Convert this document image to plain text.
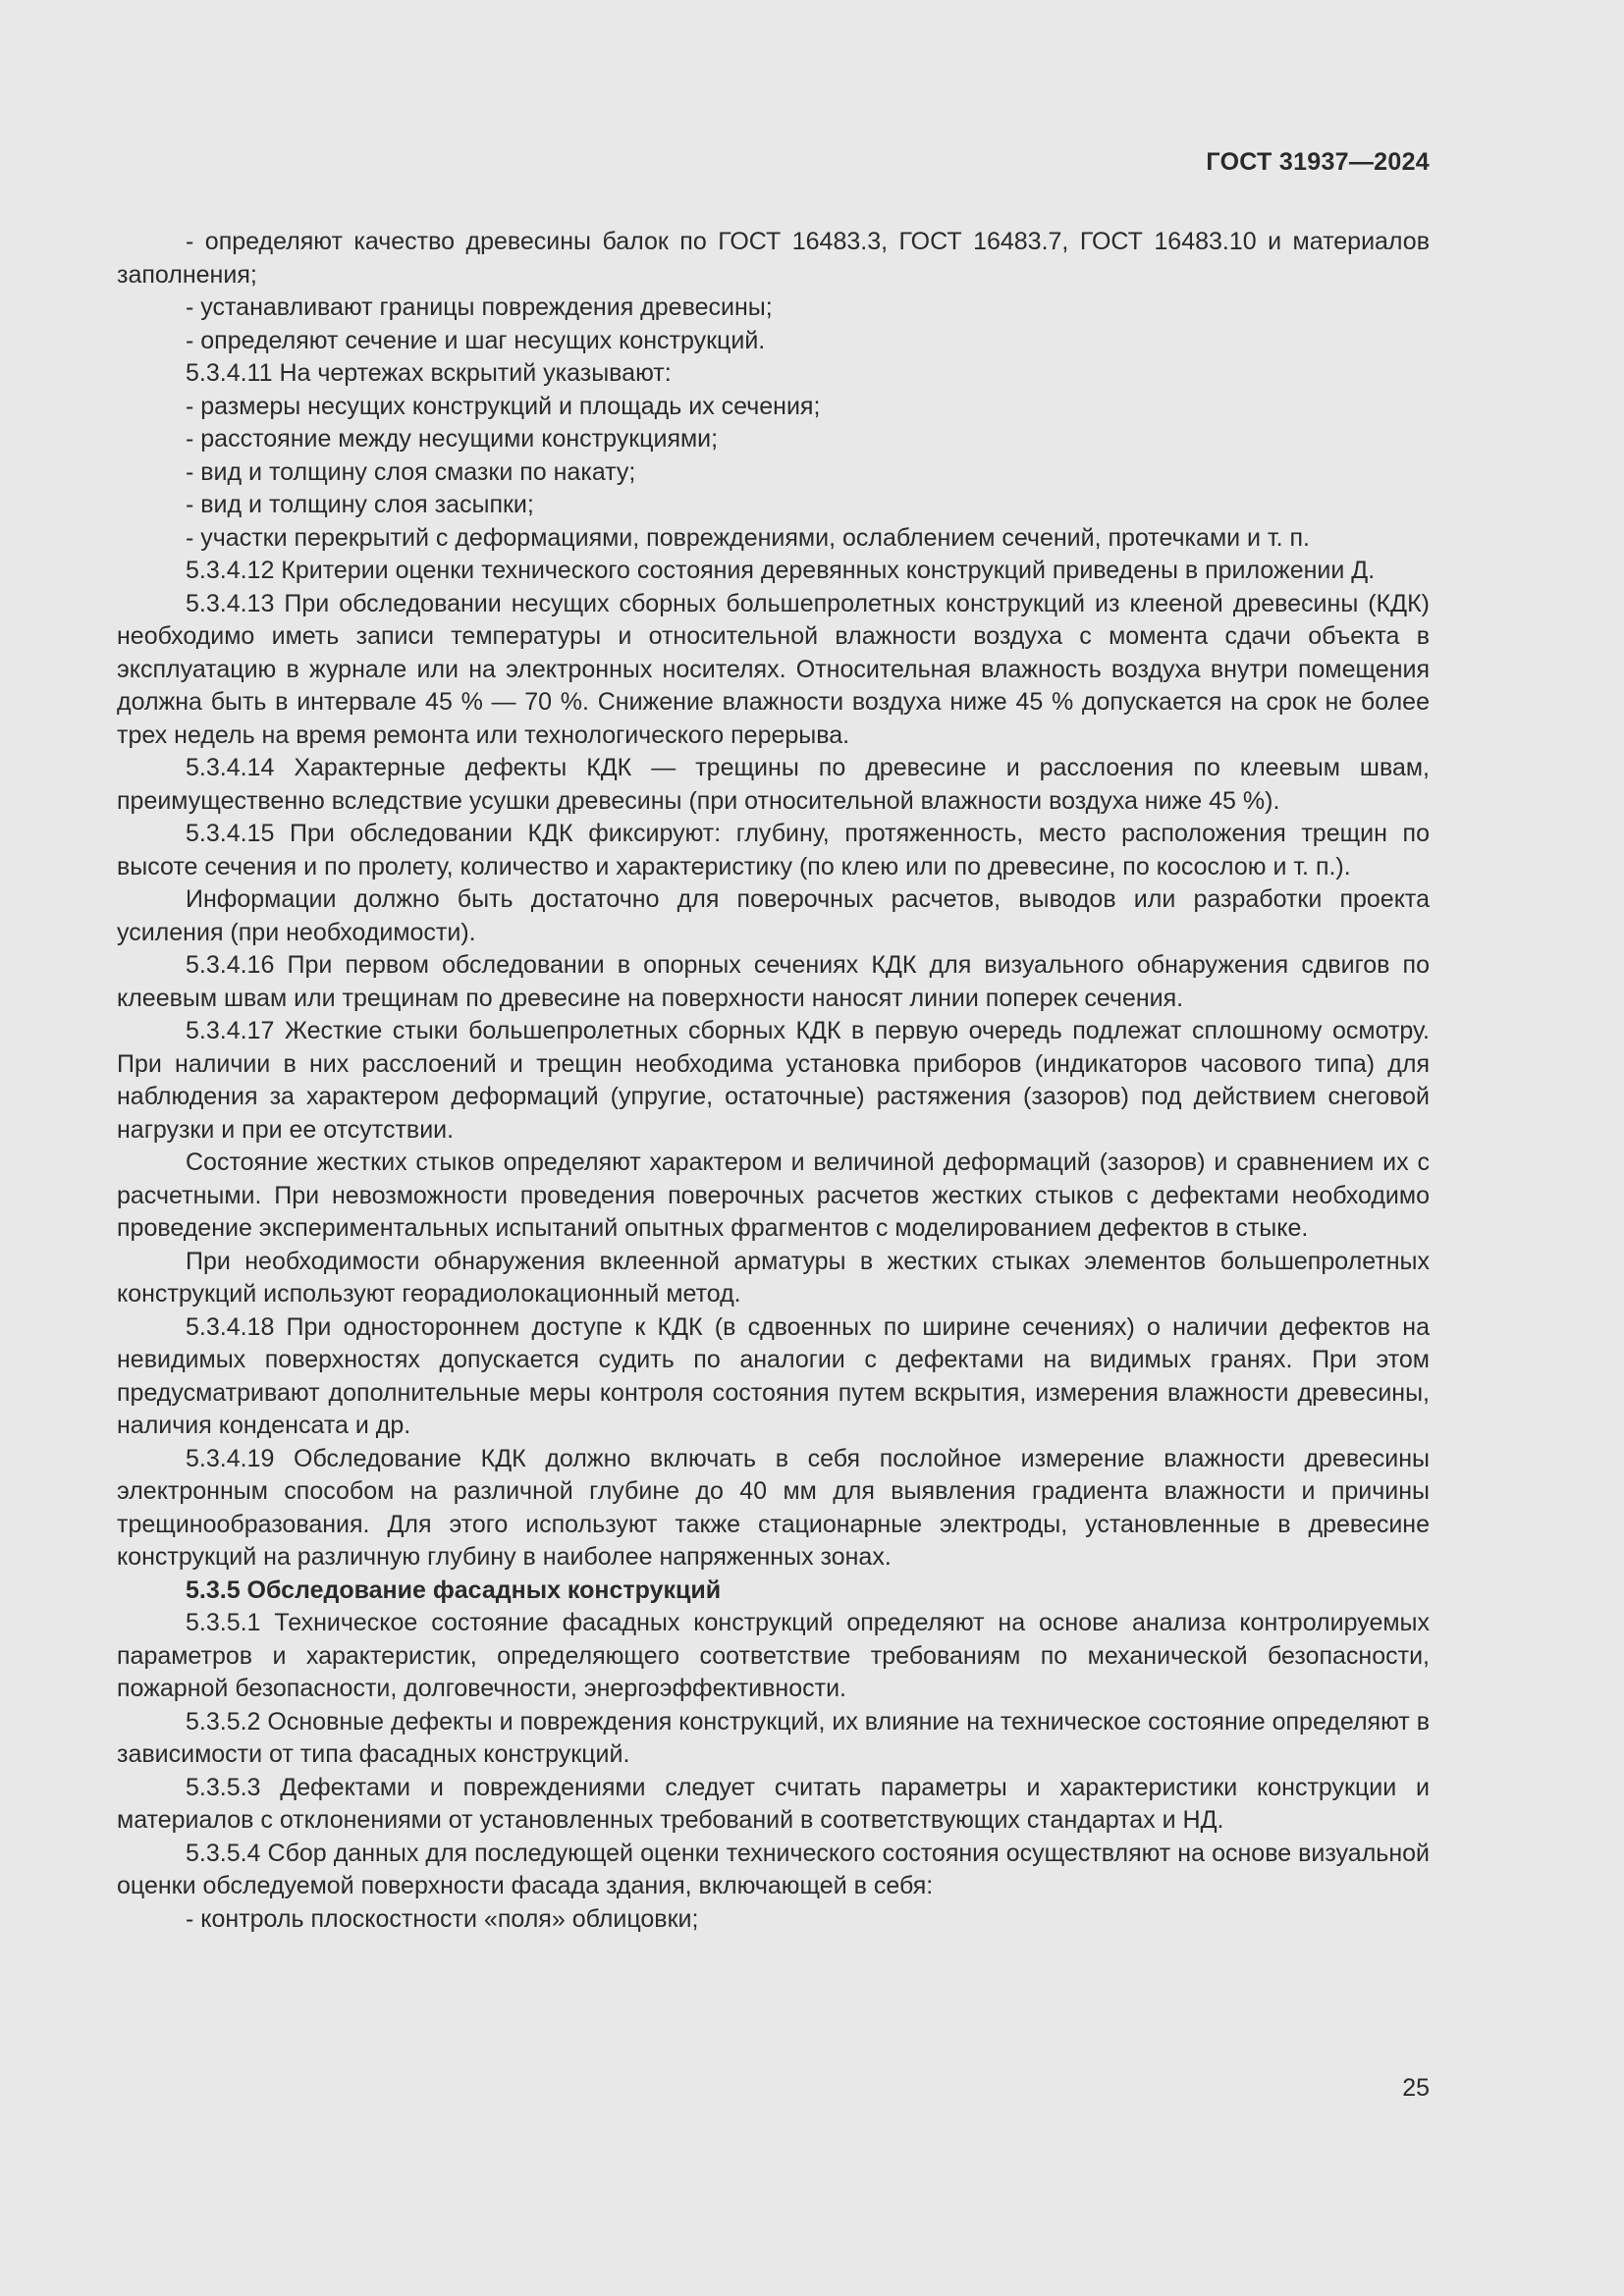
ГОСТ 31937—2024

- определяют качество древесины балок по ГОСТ 16483.3, ГОСТ 16483.7, ГОСТ 16483.10 и материалов заполнения;

- устанавливают границы повреждения древесины;

- определяют сечение и шаг несущих конструкций.

5.3.4.11 На чертежах вскрытий указывают:

- размеры несущих конструкций и площадь их сечения;

- расстояние между несущими конструкциями;

- вид и толщину слоя смазки по накату;

- вид и толщину слоя засыпки;

- участки перекрытий с деформациями, повреждениями, ослаблением сечений, протечками и т. п.

5.3.4.12 Критерии оценки технического состояния деревянных конструкций приведены в приложении Д.

5.3.4.13 При обследовании несущих сборных большепролетных конструкций из клееной древесины (КДК) необходимо иметь записи температуры и относительной влажности воздуха с момента сдачи объекта в эксплуатацию в журнале или на электронных носителях. Относительная влажность воздуха внутри помещения должна быть в интервале 45 % — 70 %. Снижение влажности воздуха ниже 45 % допускается на срок не более трех недель на время ремонта или технологического перерыва.

5.3.4.14 Характерные дефекты КДК — трещины по древесине и расслоения по клеевым швам, преимущественно вследствие усушки древесины (при относительной влажности воздуха ниже 45 %).

5.3.4.15 При обследовании КДК фиксируют: глубину, протяженность, место расположения трещин по высоте сечения и по пролету, количество и характеристику (по клею или по древесине, по косослою и т. п.).

Информации должно быть достаточно для поверочных расчетов, выводов или разработки проекта усиления (при необходимости).

5.3.4.16 При первом обследовании в опорных сечениях КДК для визуального обнаружения сдвигов по клеевым швам или трещинам по древесине на поверхности наносят линии поперек сечения.

5.3.4.17 Жесткие стыки большепролетных сборных КДК в первую очередь подлежат сплошному осмотру. При наличии в них расслоений и трещин необходима установка приборов (индикаторов часового типа) для наблюдения за характером деформаций (упругие, остаточные) растяжения (зазоров) под действием снеговой нагрузки и при ее отсутствии.

Состояние жестких стыков определяют характером и величиной деформаций (зазоров) и сравнением их с расчетными. При невозможности проведения поверочных расчетов жестких стыков с дефектами необходимо проведение экспериментальных испытаний опытных фрагментов с моделированием дефектов в стыке.

При необходимости обнаружения вклеенной арматуры в жестких стыках элементов большепролетных конструкций используют георадиолокационный метод.

5.3.4.18 При одностороннем доступе к КДК (в сдвоенных по ширине сечениях) о наличии дефектов на невидимых поверхностях допускается судить по аналогии с дефектами на видимых гранях. При этом предусматривают дополнительные меры контроля состояния путем вскрытия, измерения влажности древесины, наличия конденсата и др.

5.3.4.19 Обследование КДК должно включать в себя послойное измерение влажности древесины электронным способом на различной глубине до 40 мм для выявления градиента влажности и причины трещинообразования. Для этого используют также стационарные электроды, установленные в древесине конструкций на различную глубину в наиболее напряженных зонах.

5.3.5 Обследование фасадных конструкций

5.3.5.1 Техническое состояние фасадных конструкций определяют на основе анализа контролируемых параметров и характеристик, определяющего соответствие требованиям по механической безопасности, пожарной безопасности, долговечности, энергоэффективности.

5.3.5.2 Основные дефекты и повреждения конструкций, их влияние на техническое состояние определяют в зависимости от типа фасадных конструкций.

5.3.5.3 Дефектами и повреждениями следует считать параметры и характеристики конструкции и материалов с отклонениями от установленных требований в соответствующих стандартах и НД.

5.3.5.4 Сбор данных для последующей оценки технического состояния осуществляют на основе визуальной оценки обследуемой поверхности фасада здания, включающей в себя:

- контроль плоскостности «поля» облицовки;

25
